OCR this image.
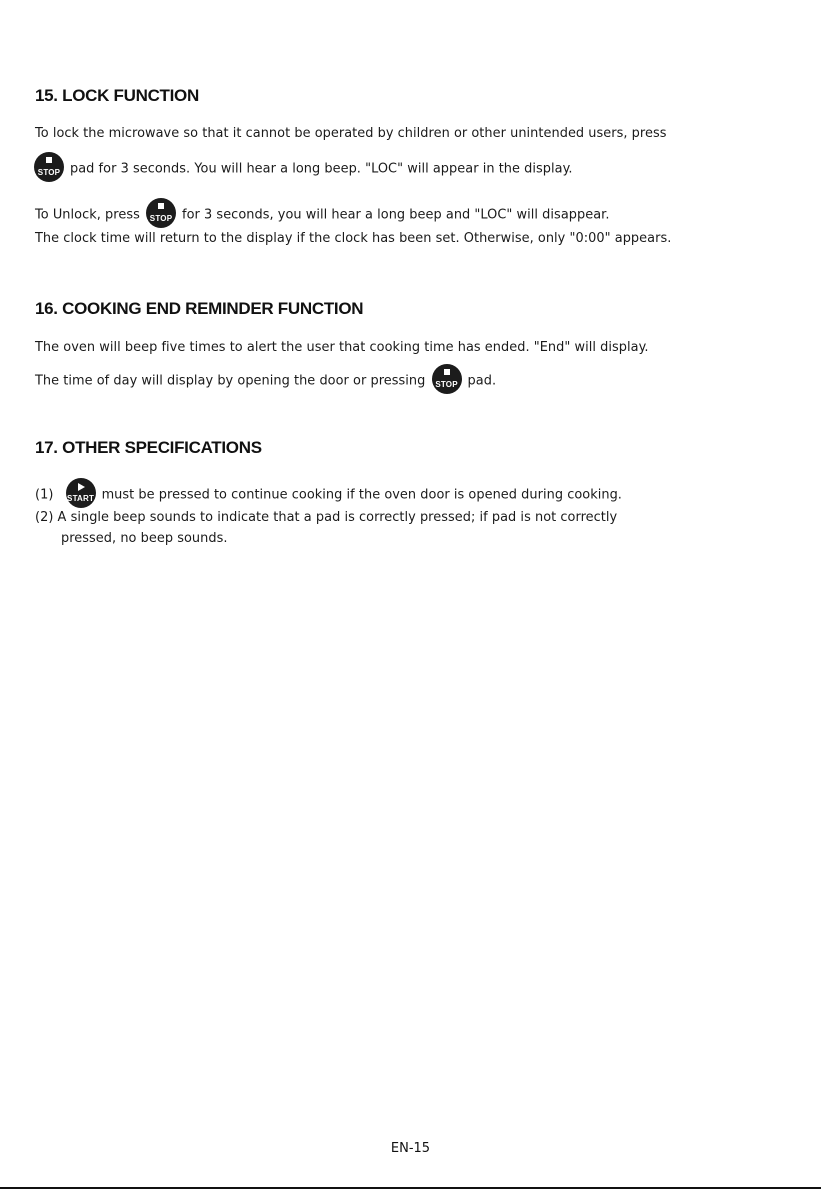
15. LOCK FUNCTION

To lock the microwave so that it cannot be operated by children or other unintended users, press

STOP pad for 3 seconds. You will hear a long beep. "LOC" will appear in the display.

To Unlock, press	STOP for 3 seconds, you will hear a long beep and "LOC" will disappear.

The clock time will return to the display if the clock has been set. Otherwise, only "0:00" appears.

16. COOKING END REMINDER FUNCTION

The oven will beep five times to alert the user that cooking time has ended. "End" will display.

The time of day will display by opening the door or pressing	STOP pad.

17. OTHER SPECIFICATIONS

(1) START must be pressed to continue cooking if the oven door is opened during cooking.

(2) A single beep sounds to indicate that a pad is correctly pressed; if pad is not correctly

pressed, no beep sounds.

EN-15
